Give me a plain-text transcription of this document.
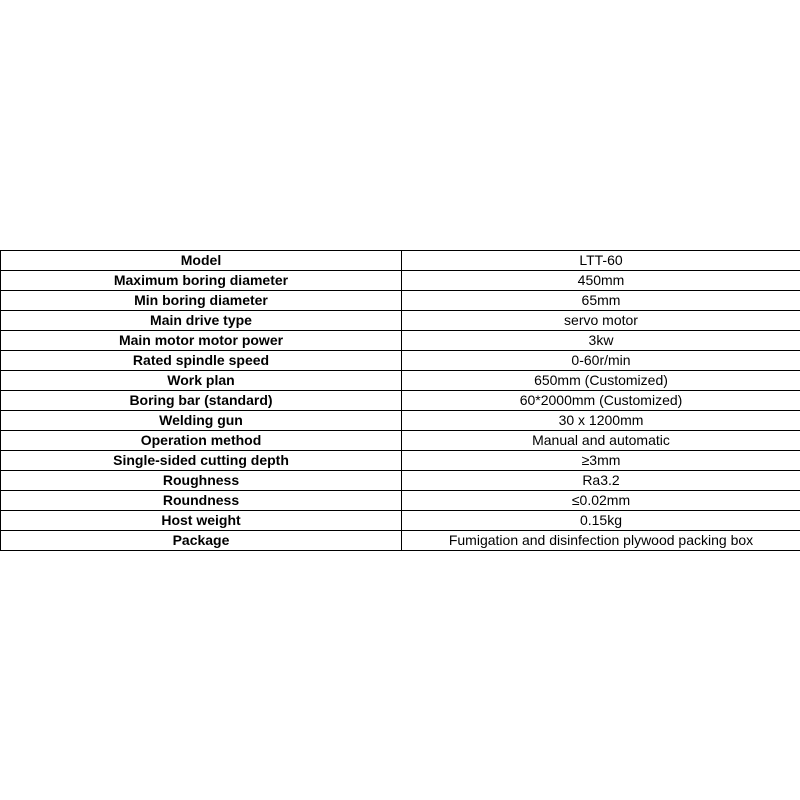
Model	LTT-60
Maximum boring diameter	450mm
Min boring diameter	65mm
Main drive type	servo motor
Main motor motor power	3kw
Rated spindle speed	0-60r/min
Work plan	650mm (Customized)
Boring bar (standard)	60*2000mm (Customized)
Welding gun	30 x 1200mm
Operation method	Manual and automatic
Single-sided cutting depth	≥3mm
Roughness	Ra3.2
Roundness	≤0.02mm
Host weight	0.15kg
Package	Fumigation and disinfection plywood packing box
